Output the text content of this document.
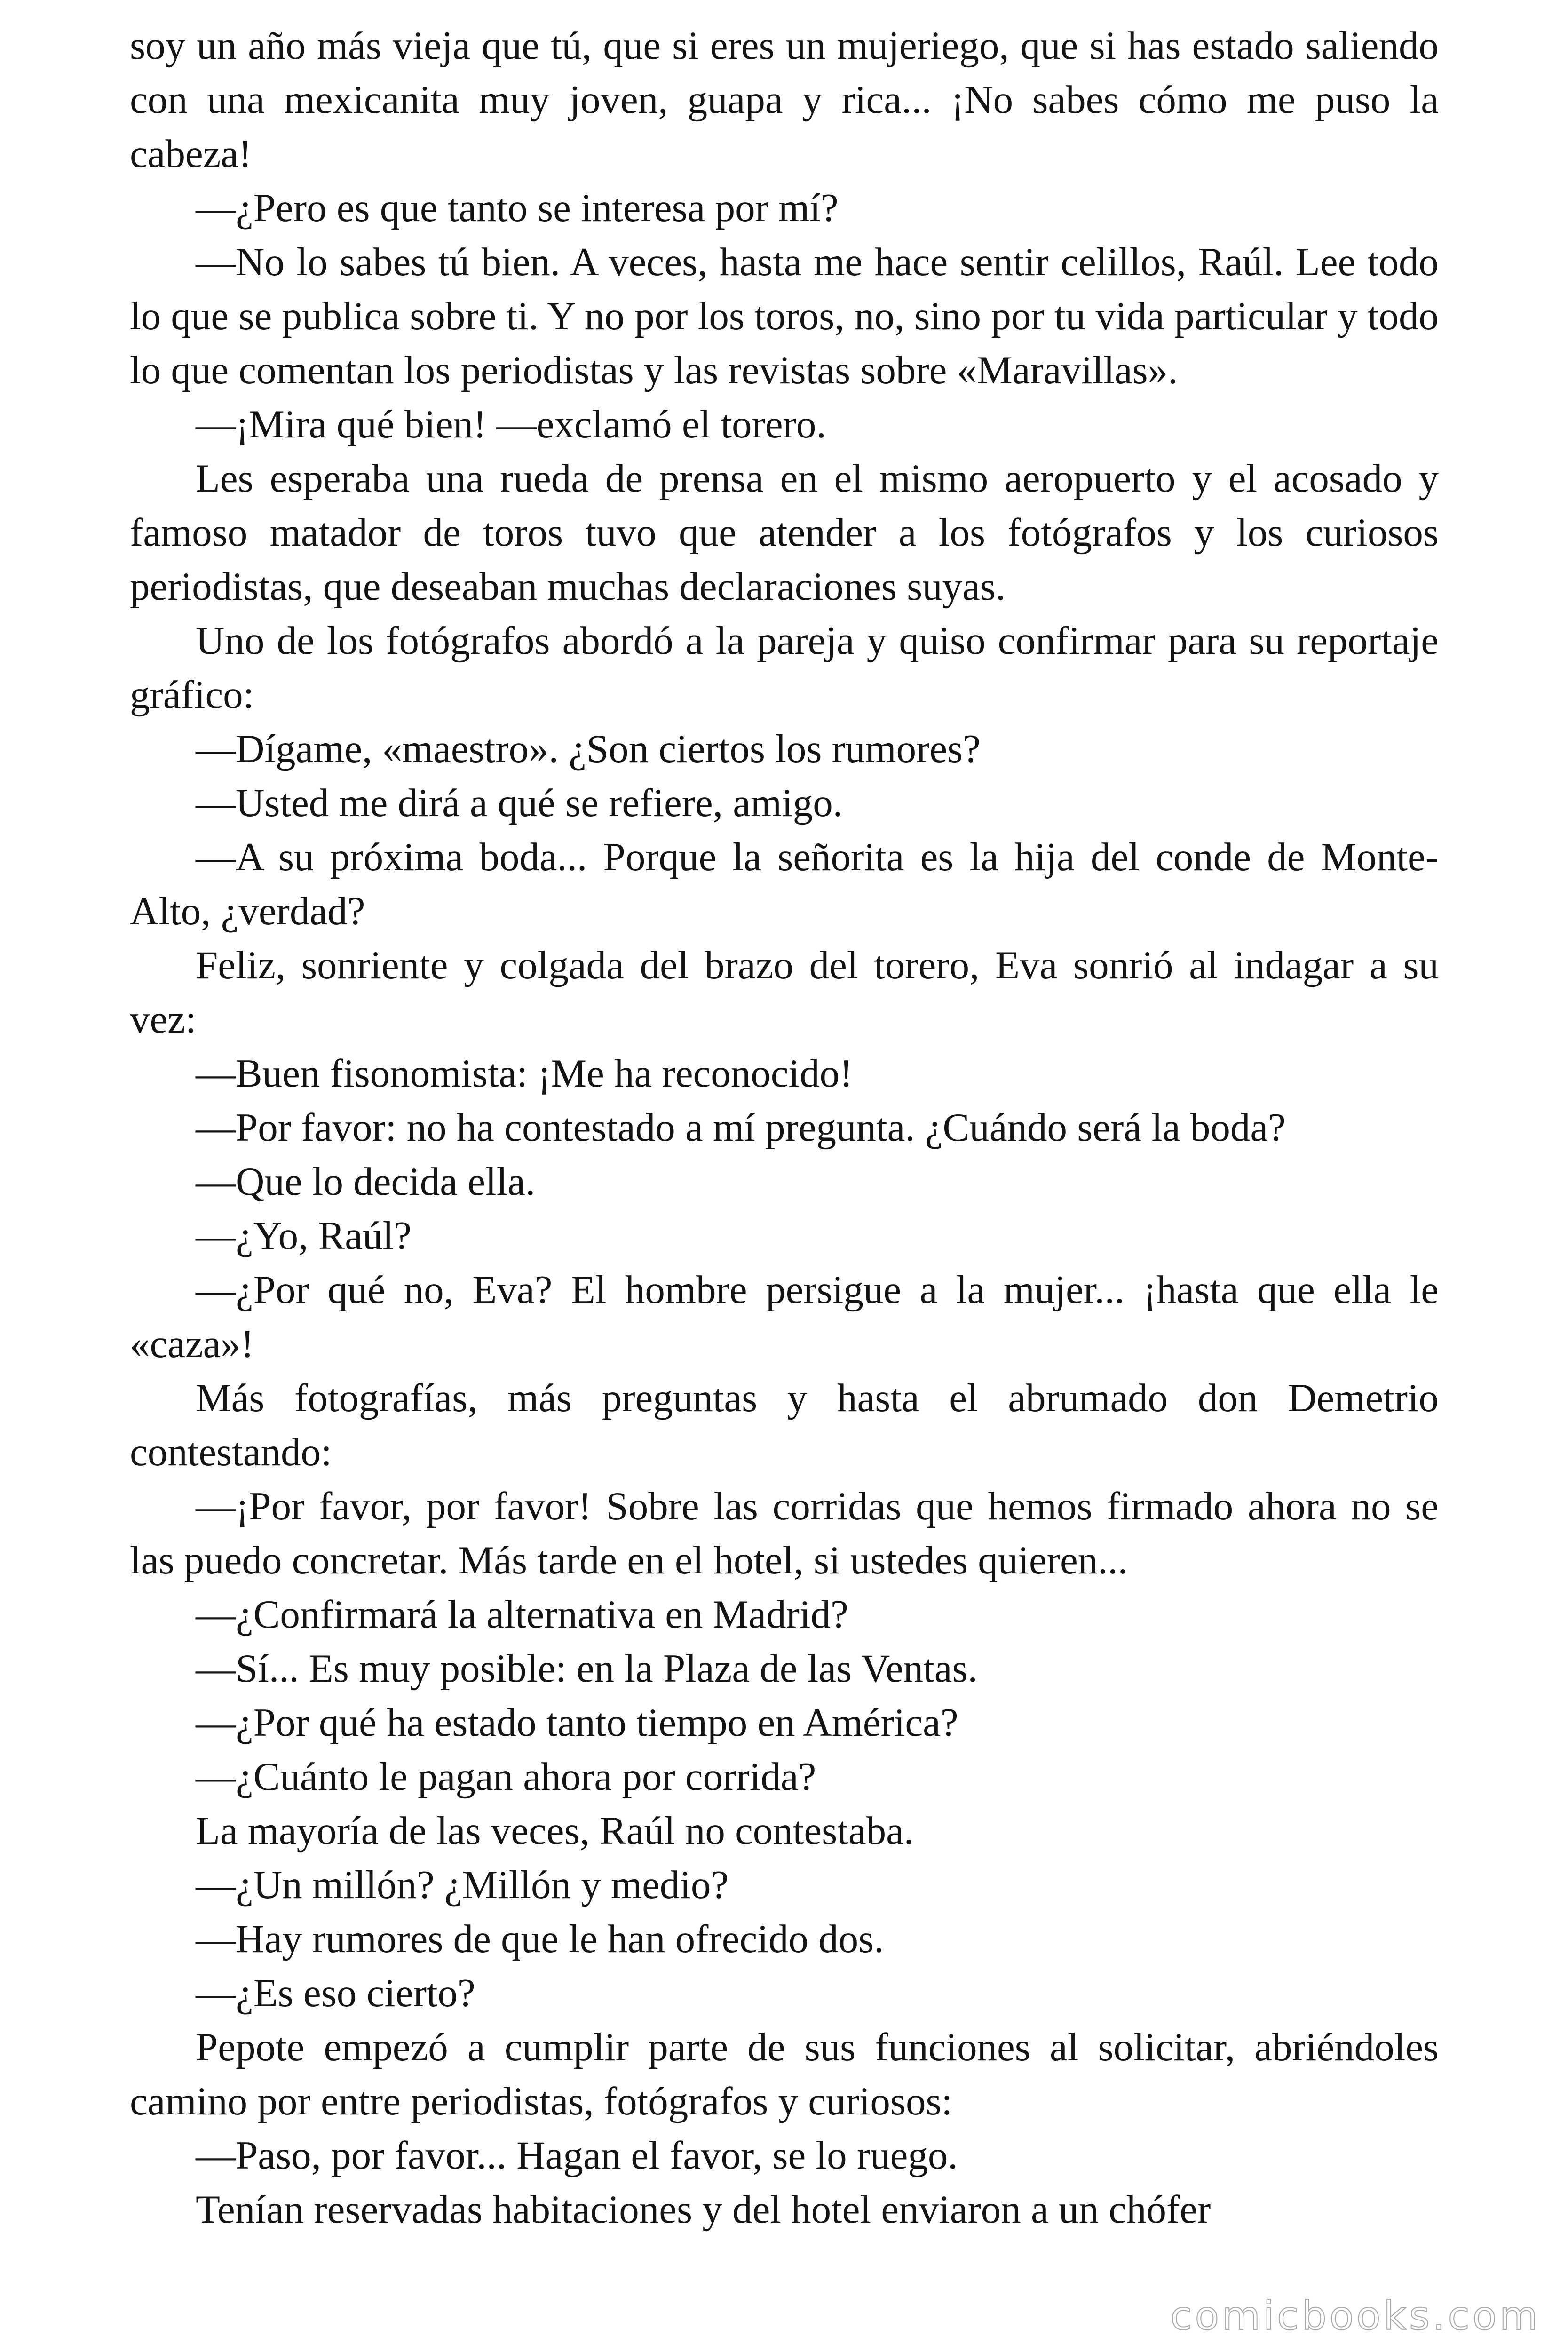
soy un año más vieja que tú, que si eres un mujeriego, que si has estado saliendo con una mexicanita muy joven, guapa y rica... ¡No sabes cómo me puso la cabeza!

—¿Pero es que tanto se interesa por mí?

—No lo sabes tú bien. A veces, hasta me hace sentir celillos, Raúl. Lee todo lo que se publica sobre ti. Y no por los toros, no, sino por tu vida particular y todo lo que comentan los periodistas y las revistas sobre «Maravillas».

—¡Mira qué bien! —exclamó el torero.

Les esperaba una rueda de prensa en el mismo aeropuerto y el acosado y famoso matador de toros tuvo que atender a los fotógrafos y los curiosos periodistas, que deseaban muchas declaraciones suyas.

Uno de los fotógrafos abordó a la pareja y quiso confirmar para su reportaje gráfico:

—Dígame, «maestro». ¿Son ciertos los rumores?

—Usted me dirá a qué se refiere, amigo.

—A su próxima boda... Porque la señorita es la hija del conde de Monte-Alto, ¿verdad?

Feliz, sonriente y colgada del brazo del torero, Eva sonrió al indagar a su vez:

—Buen fisonomista: ¡Me ha reconocido!

—Por favor: no ha contestado a mí pregunta. ¿Cuándo será la boda?

—Que lo decida ella.

—¿Yo, Raúl?

—¿Por qué no, Eva? El hombre persigue a la mujer... ¡hasta que ella le «caza»!

Más fotografías, más preguntas y hasta el abrumado don Demetrio contestando:

—¡Por favor, por favor! Sobre las corridas que hemos firmado ahora no se las puedo concretar. Más tarde en el hotel, si ustedes quieren...

—¿Confirmará la alternativa en Madrid?

—Sí... Es muy posible: en la Plaza de las Ventas.

—¿Por qué ha estado tanto tiempo en América?

—¿Cuánto le pagan ahora por corrida?

La mayoría de las veces, Raúl no contestaba.

—¿Un millón? ¿Millón y medio?

—Hay rumores de que le han ofrecido dos.

—¿Es eso cierto?

Pepote empezó a cumplir parte de sus funciones al solicitar, abriéndoles camino por entre periodistas, fotógrafos y curiosos:

—Paso, por favor... Hagan el favor, se lo ruego.

Tenían reservadas habitaciones y del hotel enviaron a un chófer

comicbooks.com
